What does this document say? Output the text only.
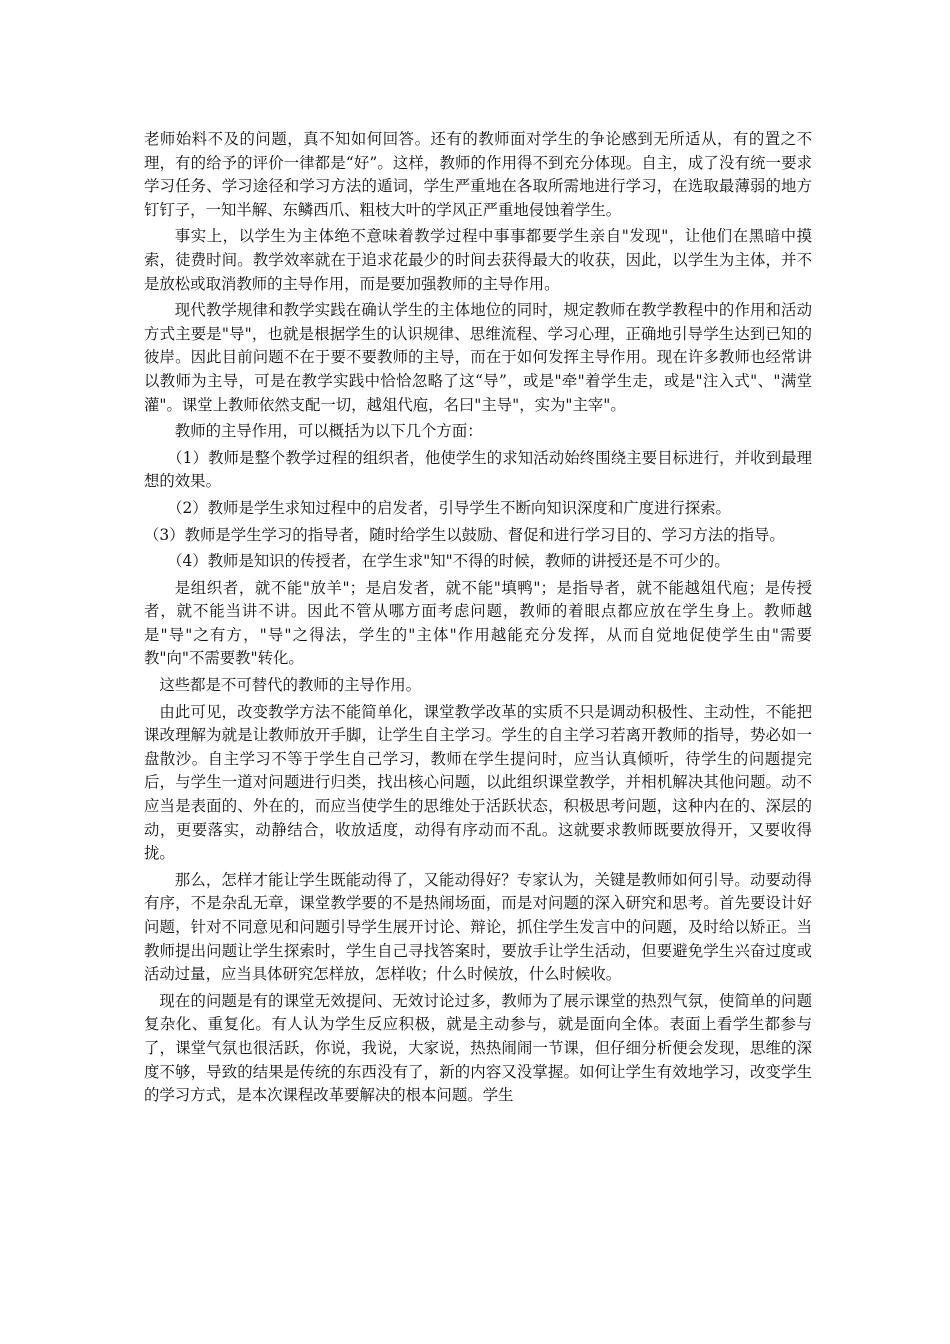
老师始料不及的问题，真不知如何回答。还有的教师面对学生的争论感到无所适从，有的置之不理，有的给予的评价一律都是“好”。这样，教师的作用得不到充分体现。自主，成了没有统一要求学习任务、学习途径和学习方法的遁词，学生严重地在各取所需地进行学习，在选取最薄弱的地方钉钉子，一知半解、东鳞西爪、粗枝大叶的学风正严重地侵蚀着学生。

事实上，以学生为主体绝不意味着教学过程中事事都要学生亲自"发现"，让他们在黑暗中摸索，徒费时间。教学效率就在于追求花最少的时间去获得最大的收获，因此，以学生为主体，并不是放松或取消教师的主导作用，而是要加强教师的主导作用。

现代教学规律和教学实践在确认学生的主体地位的同时，规定教师在教学教程中的作用和活动方式主要是"导"，也就是根据学生的认识规律、思维流程、学习心理，正确地引导学生达到已知的彼岸。因此目前问题不在于要不要教师的主导，而在于如何发挥主导作用。现在许多教师也经常讲以教师为主导，可是在教学实践中恰恰忽略了这“导”，或是"牵"着学生走，或是"注入式"、"满堂灌"。课堂上教师依然支配一切，越俎代庖，名曰"主导"，实为"主宰"。

教师的主导作用，可以概括为以下几个方面：

（1）教师是整个教学过程的组织者，他使学生的求知活动始终围绕主要目标进行，并收到最理想的效果。

（2）教师是学生求知过程中的启发者，引导学生不断向知识深度和广度进行探索。

（3）教师是学生学习的指导者，随时给学生以鼓励、督促和进行学习目的、学习方法的指导。

（4）教师是知识的传授者，在学生求"知"不得的时候，教师的讲授还是不可少的。

是组织者，就不能"放羊"；是启发者，就不能"填鸭"；是指导者，就不能越俎代庖；是传授者，就不能当讲不讲。因此不管从哪方面考虑问题，教师的着眼点都应放在学生身上。教师越是"导"之有方，"导"之得法，学生的"主体"作用越能充分发挥，从而自觉地促使学生由"需要教"向"不需要教"转化。

这些都是不可替代的教师的主导作用。

由此可见，改变教学方法不能简单化，课堂教学改革的实质不只是调动积极性、主动性，不能把课改理解为就是让教师放开手脚，让学生自主学习。学生的自主学习若离开教师的指导，势必如一盘散沙。自主学习不等于学生自己学习，教师在学生提问时，应当认真倾听，待学生的问题提完后，与学生一道对问题进行归类，找出核心问题，以此组织课堂教学，并相机解决其他问题。动不应当是表面的、外在的，而应当使学生的思维处于活跃状态，积极思考问题，这种内在的、深层的动，更要落实，动静结合，收放适度，动得有序动而不乱。这就要求教师既要放得开，又要收得拢。

那么，怎样才能让学生既能动得了，又能动得好？专家认为，关键是教师如何引导。动要动得有序，不是杂乱无章，课堂教学要的不是热闹场面，而是对问题的深入研究和思考。首先要设计好问题，针对不同意见和问题引导学生展开讨论、辩论，抓住学生发言中的问题，及时给以矫正。当教师提出问题让学生探索时，学生自己寻找答案时，要放手让学生活动，但要避免学生兴奋过度或活动过量，应当具体研究怎样放，怎样收；什么时候放，什么时候收。

现在的问题是有的课堂无效提问、无效讨论过多，教师为了展示课堂的热烈气氛，使简单的问题复杂化、重复化。有人认为学生反应积极，就是主动参与，就是面向全体。表面上看学生都参与了，课堂气氛也很活跃，你说，我说，大家说，热热闹闹一节课，但仔细分析便会发现，思维的深度不够，导致的结果是传统的东西没有了，新的内容又没掌握。如何让学生有效地学习，改变学生的学习方式，是本次课程改革要解决的根本问题。学生
